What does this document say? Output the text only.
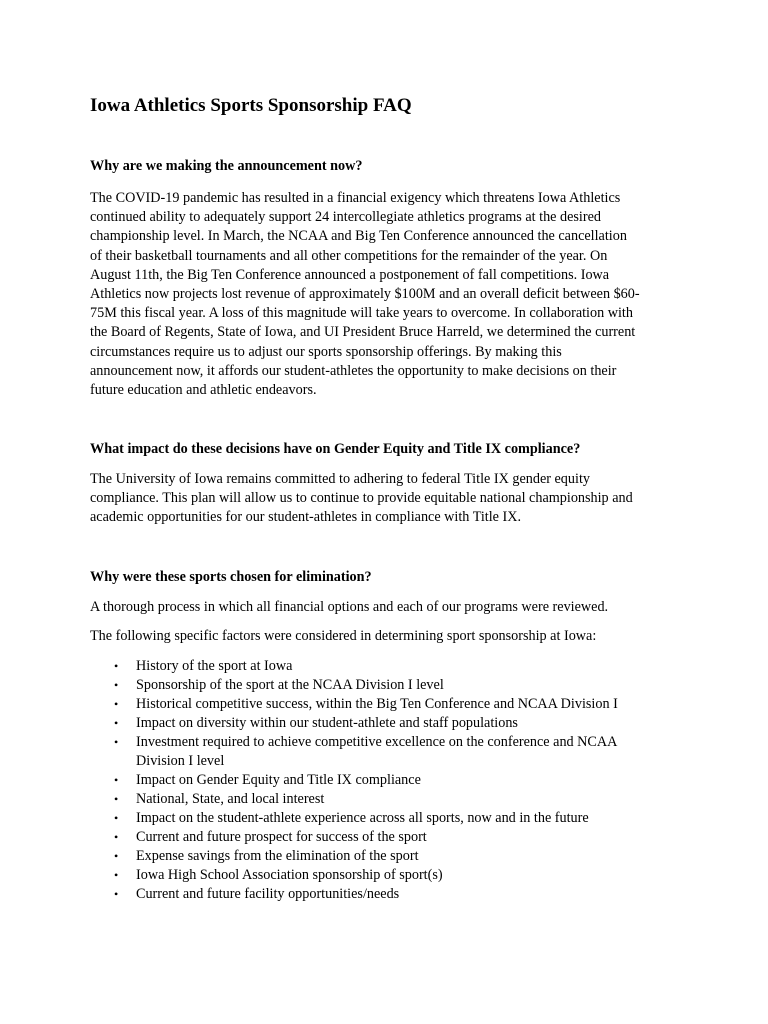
Iowa Athletics Sports Sponsorship FAQ
Why are we making the announcement now?

The COVID-19 pandemic has resulted in a financial exigency which threatens Iowa Athletics
continued ability to adequately support 24 intercollegiate athletics programs at the desired
championship level. In March, the NCAA and Big Ten Conference announced the cancellation
of their basketball tournaments and all other competitions for the remainder of the year. On
August 11th, the Big Ten Conference announced a postponement of fall competitions. Iowa
Athletics now projects lost revenue of approximately $100M and an overall deficit between $60-
75M this fiscal year. A loss of this magnitude will take years to overcome. In collaboration with
the Board of Regents, State of Iowa, and UI President Bruce Harreld, we determined the current
circumstances require us to adjust our sports sponsorship offerings. By making this
announcement now, it affords our student-athletes the opportunity to make decisions on their
future education and athletic endeavors.

What impact do these decisions have on Gender Equity and Title IX compliance?

The University of Iowa remains committed to adhering to federal Title IX gender equity
compliance. This plan will allow us to continue to provide equitable national championship and
academic opportunities for our student-athletes in compliance with Title IX.

Why were these sports chosen for elimination?

A thorough process in which all financial options and each of our programs were reviewed.

The following specific factors were considered in determining sport sponsorship at Iowa:

• History of the sport at Iowa
• Sponsorship of the sport at the NCAA Division I level
• Historical competitive success, within the Big Ten Conference and NCAA Division I
• Impact on diversity within our student-athlete and staff populations
• Investment required to achieve competitive excellence on the conference and NCAA
Division I level
• Impact on Gender Equity and Title IX compliance
• National, State, and local interest
• Impact on the student-athlete experience across all sports, now and in the future
• Current and future prospect for success of the sport
• Expense savings from the elimination of the sport
• Iowa High School Association sponsorship of sport(s)
• Current and future facility opportunities/needs
